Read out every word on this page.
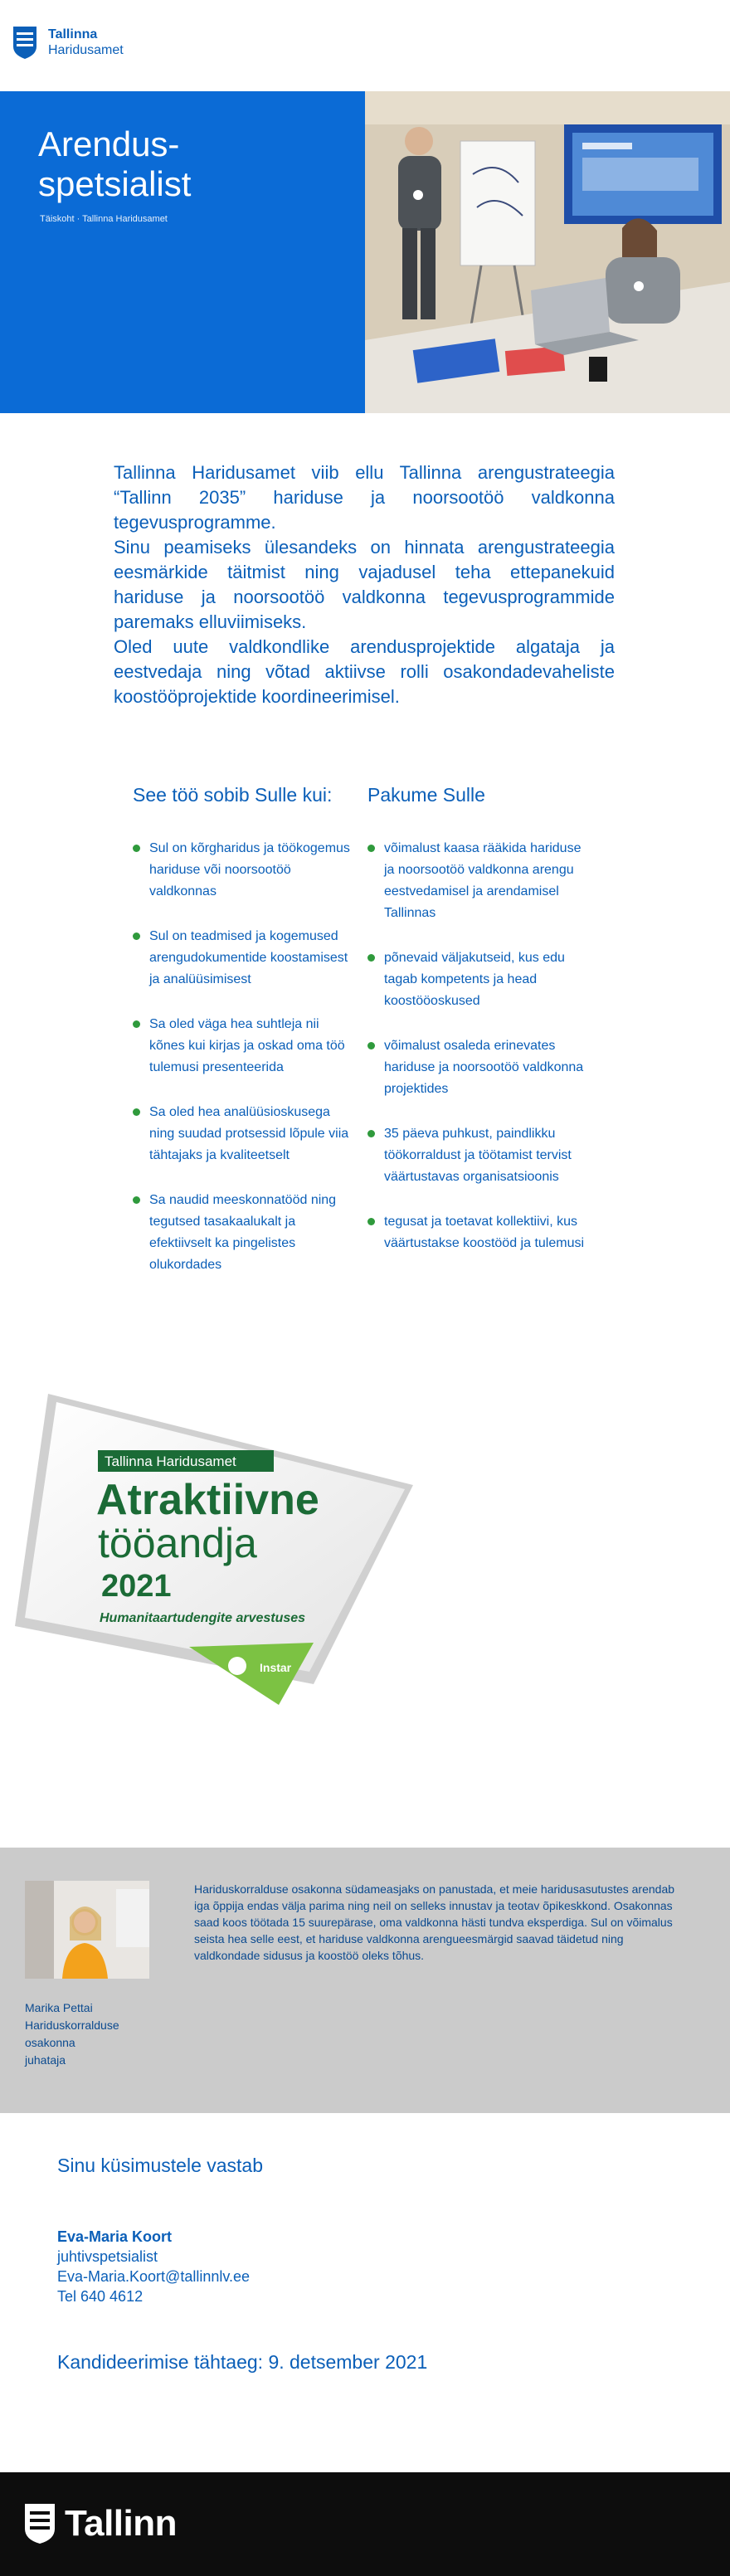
Tallinna
Haridusamet
Arendus-
spetsialist
Täiskoht · Tallinna Haridusamet

Tallinna Haridusamet viib ellu Tallinna arengustrateegia “Tallinn 2035” hariduse ja noorsootöö valdkonna tegevusprogramme.

Sinu peamiseks ülesandeks on hinnata arengustrateegia eesmärkide täitmist ning vajadusel teha ettepanekuid hariduse ja noorsootöö valdkonna tegevusprogrammide paremaks elluviimiseks.

Oled uute valdkondlike arendusprojektide algataja ja eestvedaja ning võtad aktiivse rolli osakondadevaheliste koostööprojektide koordineerimisel.

See töö sobib Sulle kui:
Sul on kõrgharidus ja töökogemus hariduse või noorsootöö valdkonnas
Sul on teadmised ja kogemused arengudokumentide koostamisest ja analüüsimisest
Sa oled väga hea suhtleja nii kõnes kui kirjas ja oskad oma töö tulemusi presenteerida
Sa oled hea analüüsioskusega ning suudad protsessid lõpule viia tähtajaks ja kvaliteetselt
Sa naudid meeskonnatööd ning tegutsed tasakaalukalt ja efektiivselt ka pingelistes olukordades
Pakume Sulle
võimalust kaasa rääkida hariduse ja noorsootöö valdkonna arengu eestvedamisel ja arendamisel Tallinnas
põnevaid väljakutseid, kus edu tagab kompetents ja head koostööoskused
võimalust osaleda erinevates hariduse ja noorsootöö valdkonna projektides
35 päeva puhkust, paindlikku töökorraldust ja töötamist tervist väärtustavas organisatsioonis
tegusat ja toetavat kollektiivi, kus väärtustakse koostööd ja tulemusi
Tallinna Haridusamet
Atraktiivne
tööandja
2021
Humanitaartudengite arvestuses
Instar
Marika Pettai
Hariduskorralduse
osakonna
juhataja
Hariduskorralduse osakonna südameasjaks on panustada, et meie haridusasutustes arendab iga õppija endas välja parima ning neil on selleks innustav ja teotav õpikeskkond. Osakonnas saad koos töötada 15 suurepärase, oma valdkonna hästi tundva eksperdiga. Sul on võimalus seista hea selle eest, et hariduse valdkonna arengueesmärgid saavad täidetud ning valdkondade sidusus ja koostöö oleks tõhus.
Sinu küsimustele vastab
Eva-Maria Koort
juhtivspetsialist
Eva-Maria.Koort@tallinnlv.ee
Tel 640 4612
Kandideerimise tähtaeg: 9. detsember 2021
Tallinn
